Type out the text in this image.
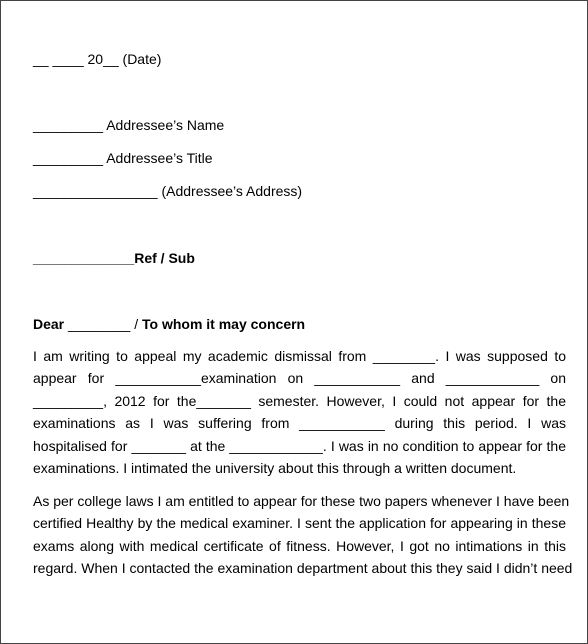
__ ____ 20__ (Date)
_________ Addressee’s Name
_________ Addressee’s Title
________________ (Addressee’s Address)
_____________Ref / Sub
Dear ________ / To whom it may concern
I am writing to appeal my academic dismissal from ________. I was supposed to
appear for ___________examination on ___________ and ____________ on
_________, 2012 for the_______ semester. However, I could not appear for the
examinations as I was suffering from ___________ during this period. I was
hospitalised for _______ at the ____________. I was in no condition to appear for the
examinations. I intimated the university about this through a written document.
As per college laws I am entitled to appear for these two papers whenever I have been
certified Healthy by the medical examiner. I sent the application for appearing in these
exams along with medical certificate of fitness. However, I got no intimations in this
regard. When I contacted the examination department about this they said I didn’t need
